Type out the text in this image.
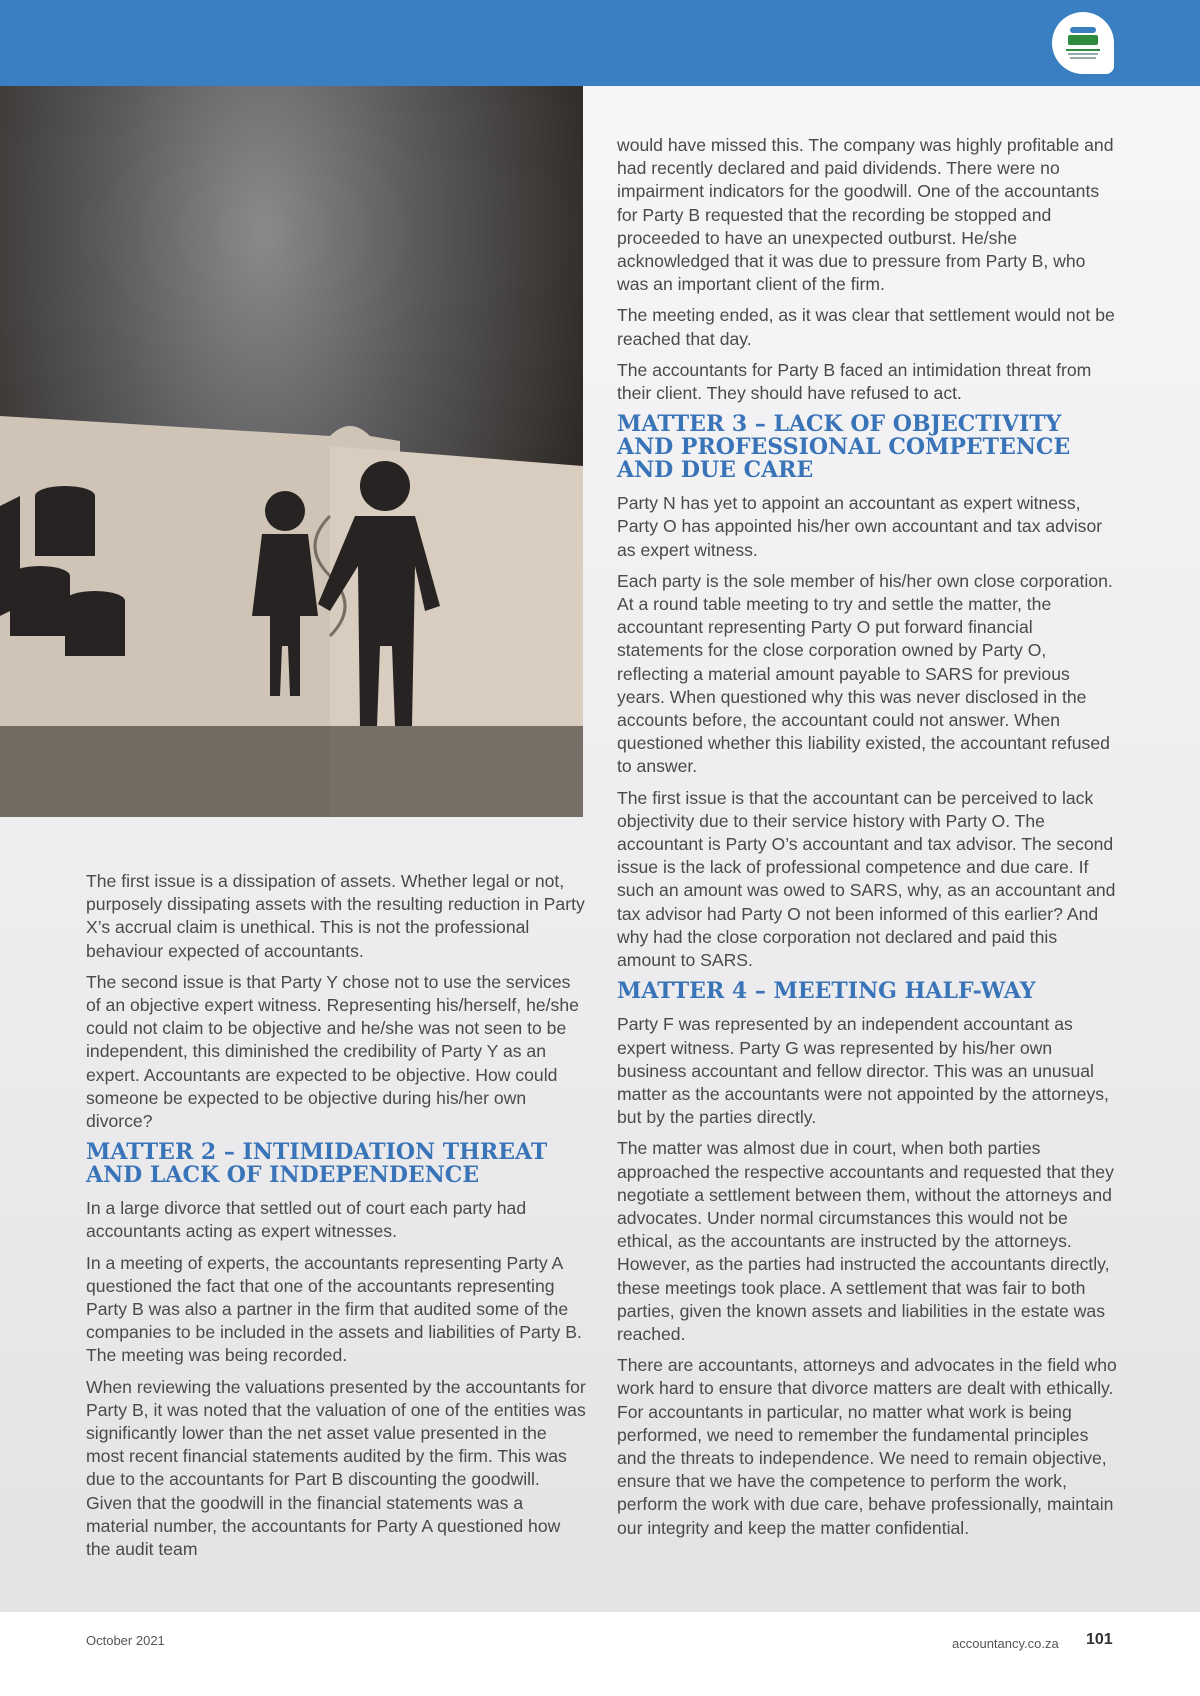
The first issue is a dissipation of assets. Whether legal or not, purposely dissipating assets with the resulting reduction in Party X’s accrual claim is unethical. This is not the professional behaviour expected of accountants.

The second issue is that Party Y chose not to use the services of an objective expert witness. Representing his/herself, he/she could not claim to be objective and he/she was not seen to be independent, this diminished the credibility of Party Y as an expert. Accountants are expected to be objective. How could someone be expected to be objective during his/her own divorce?

MATTER 2 – INTIMIDATION THREAT AND LACK OF INDEPENDENCE

In a large divorce that settled out of court each party had accountants acting as expert witnesses.

In a meeting of experts, the accountants representing Party A questioned the fact that one of the accountants representing Party B was also a partner in the firm that audited some of the companies to be included in the assets and liabilities of Party B. The meeting was being recorded.

When reviewing the valuations presented by the accountants for Party B, it was noted that the valuation of one of the entities was significantly lower than the net asset value presented in the most recent financial statements audited by the firm. This was due to the accountants for Part B discounting the goodwill. Given that the goodwill in the financial statements was a material number, the accountants for Party A questioned how the audit team

would have missed this. The company was highly profitable and had recently declared and paid dividends. There were no impairment indicators for the goodwill. One of the accountants for Party B requested that the recording be stopped and proceeded to have an unexpected outburst. He/she acknowledged that it was due to pressure from Party B, who was an important client of the firm.

The meeting ended, as it was clear that settlement would not be reached that day.

The accountants for Party B faced an intimidation threat from their client. They should have refused to act.

MATTER 3 – LACK OF OBJECTIVITY AND PROFESSIONAL COMPETENCE AND DUE CARE

Party N has yet to appoint an accountant as expert witness, Party O has appointed his/her own accountant and tax advisor as expert witness.

Each party is the sole member of his/her own close corporation. At a round table meeting to try and settle the matter, the accountant representing Party O put forward financial statements for the close corporation owned by Party O, reflecting a material amount payable to SARS for previous years. When questioned why this was never disclosed in the accounts before, the accountant could not answer. When questioned whether this liability existed, the accountant refused to answer.

The first issue is that the accountant can be perceived to lack objectivity due to their service history with Party O. The accountant is Party O’s accountant and tax advisor. The second issue is the lack of professional competence and due care. If such an amount was owed to SARS, why, as an accountant and tax advisor had Party O not been informed of this earlier? And why had the close corporation not declared and paid this amount to SARS.

MATTER 4 – MEETING HALF-WAY

Party F was represented by an independent accountant as expert witness. Party G was represented by his/her own business accountant and fellow director. This was an unusual matter as the accountants were not appointed by the attorneys, but by the parties directly.

The matter was almost due in court, when both parties approached the respective accountants and requested that they negotiate a settlement between them, without the attorneys and advocates. Under normal circumstances this would not be ethical, as the accountants are instructed by the attorneys. However, as the parties had instructed the accountants directly, these meetings took place. A settlement that was fair to both parties, given the known assets and liabilities in the estate was reached.

There are accountants, attorneys and advocates in the field who work hard to ensure that divorce matters are dealt with ethically. For accountants in particular, no matter what work is being performed, we need to remember the fundamental principles and the threats to independence. We need to remain objective, ensure that we have the competence to perform the work, perform the work with due care, behave professionally, maintain our integrity and keep the matter confidential.

October 2021	accountancy.co.za 101
